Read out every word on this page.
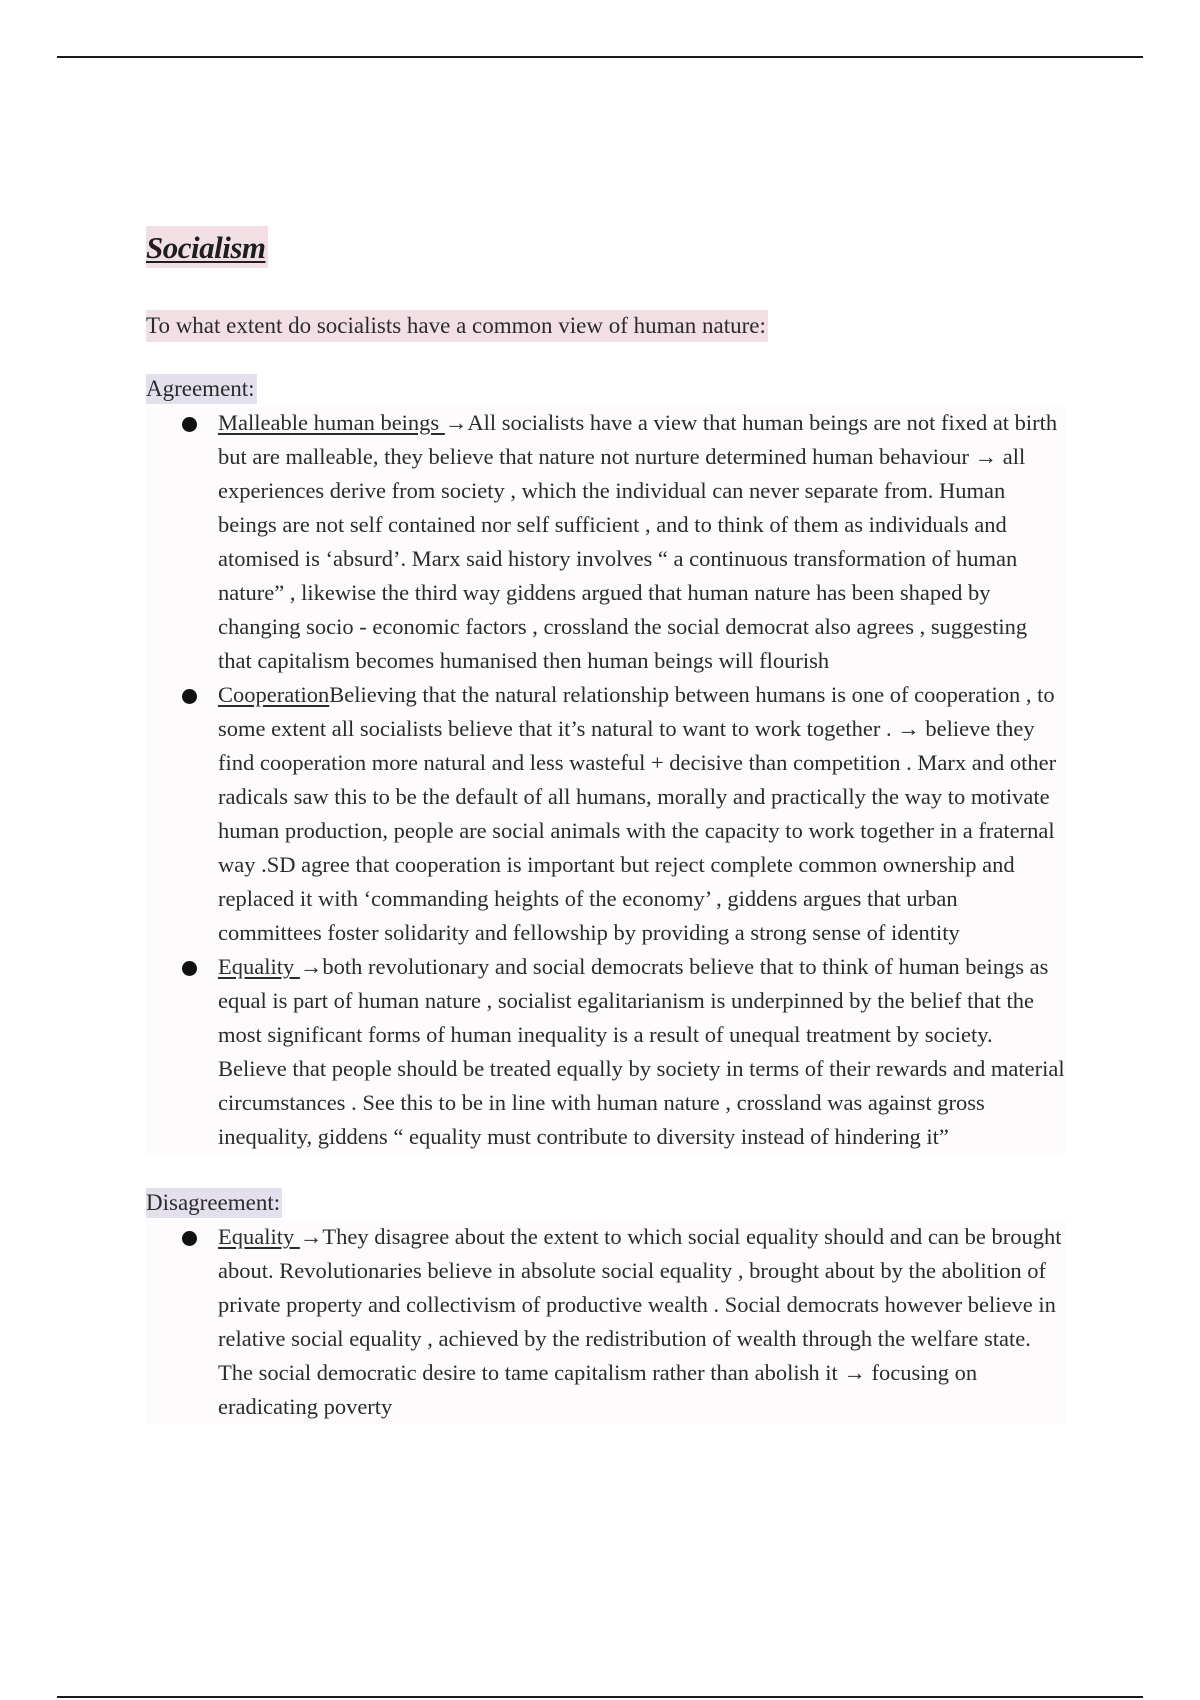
Socialism
To what extent do socialists have a common view of human nature:
Agreement:
Malleable human beings →All socialists have a view that human beings are not fixed at birth but are malleable, they believe that nature not nurture determined human behaviour → all experiences derive from society , which the individual can never separate from. Human beings are not self contained nor self sufficient , and to think of them as individuals and atomised is ‘absurd’. Marx said history involves “ a continuous transformation of human nature” , likewise the third way giddens argued that human nature has been shaped by changing socio - economic factors , crossland the social democrat also agrees , suggesting that capitalism becomes humanised then human beings will flourish
CooperationBelieving that the natural relationship between humans is one of cooperation , to some extent all socialists believe that it’s natural to want to work together . → believe they find cooperation more natural and less wasteful + decisive than competition . Marx and other radicals saw this to be the default of all humans, morally and practically the way to motivate human production, people are social animals with the capacity to work together in a fraternal way .SD agree that cooperation is important but reject complete common ownership and replaced it with ‘commanding heights of the economy’ , giddens argues that urban committees foster solidarity and fellowship by providing a strong sense of identity
Equality →both revolutionary and social democrats believe that to think of human beings as equal is part of human nature , socialist egalitarianism is underpinned by the belief that the most significant forms of human inequality is a result of unequal treatment by society. Believe that people should be treated equally by society in terms of their rewards and material circumstances . See this to be in line with human nature , crossland was against gross inequality, giddens “ equality must contribute to diversity instead of hindering it”
Disagreement:
Equality →They disagree about the extent to which social equality should and can be brought about. Revolutionaries believe in absolute social equality , brought about by the abolition of private property and collectivism of productive wealth . Social democrats however believe in relative social equality , achieved by the redistribution of wealth through the welfare state. The social democratic desire to tame capitalism rather than abolish it → focusing on eradicating poverty
